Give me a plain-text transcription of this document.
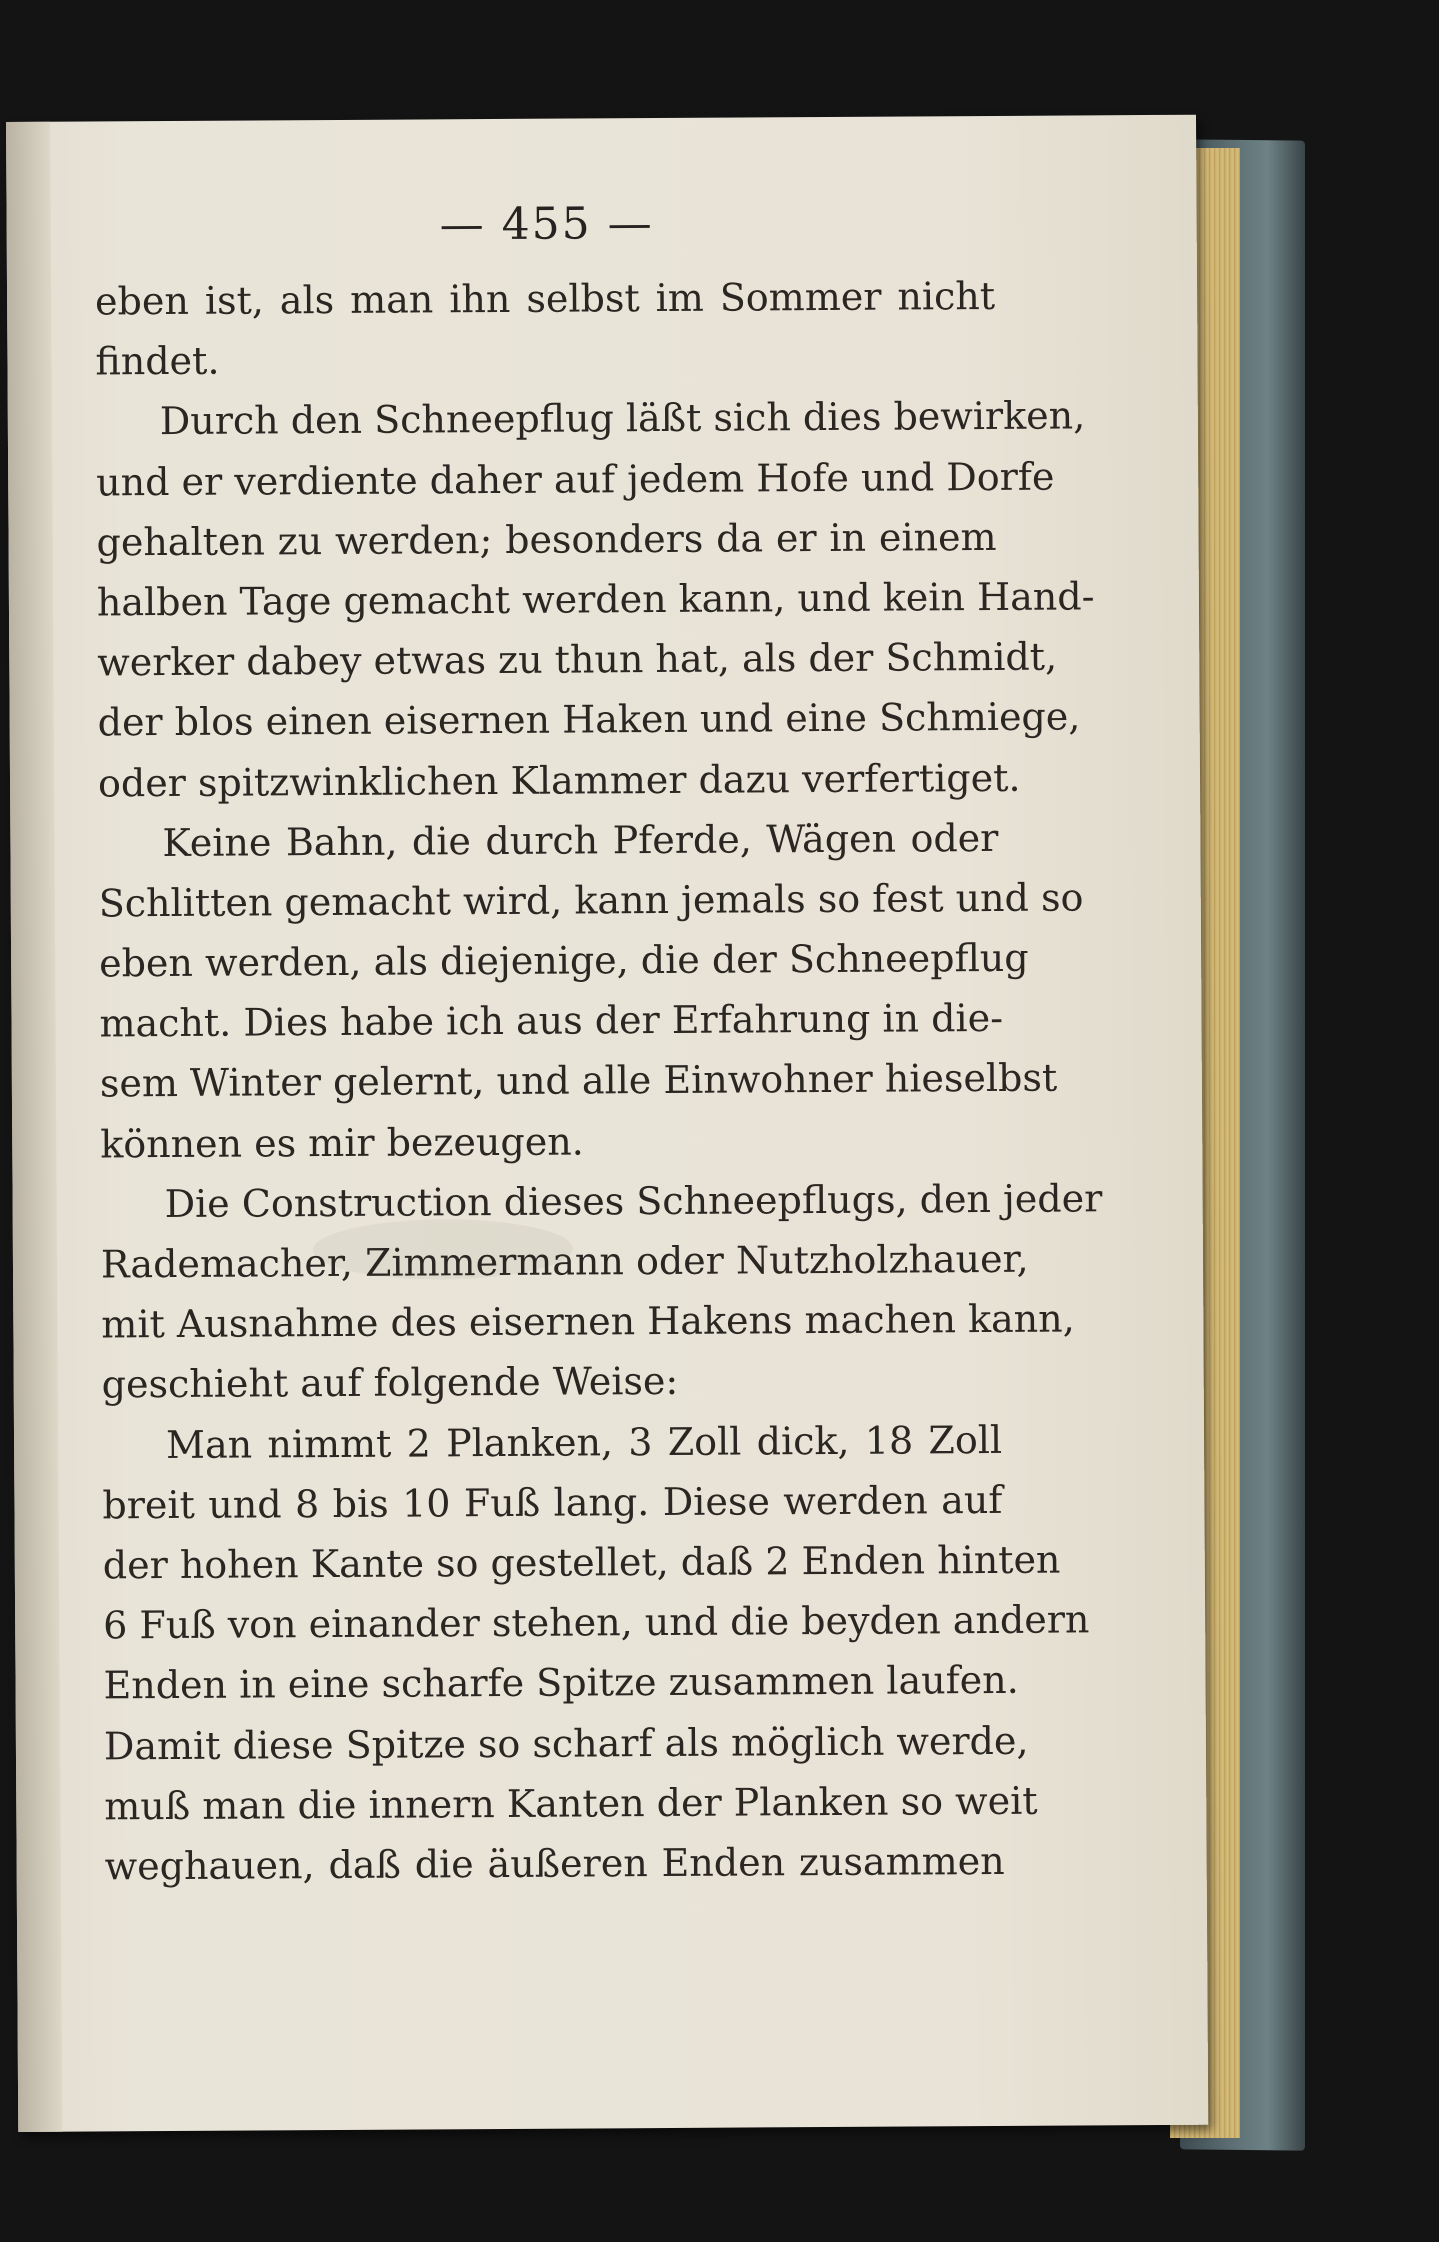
— 455 —
eben ist, als man ihn selbst im Sommer nicht
findet.
Durch den Schneepflug läßt sich dies bewirken,
und er verdiente daher auf jedem Hofe und Dorfe
gehalten zu werden; besonders da er in einem
halben Tage gemacht werden kann, und kein Hand-
werker dabey etwas zu thun hat, als der Schmidt,
der blos einen eisernen Haken und eine Schmiege,
oder spitzwinklichen Klammer dazu verfertiget.
Keine Bahn, die durch Pferde, Wägen oder
Schlitten gemacht wird, kann jemals so fest und so
eben werden, als diejenige, die der Schneepflug
macht. Dies habe ich aus der Erfahrung in die-
sem Winter gelernt, und alle Einwohner hieselbst
können es mir bezeugen.
Die Construction dieses Schneepflugs, den jeder
Rademacher, Zimmermann oder Nutzholzhauer,
mit Ausnahme des eisernen Hakens machen kann,
geschieht auf folgende Weise:
Man nimmt 2 Planken, 3 Zoll dick, 18 Zoll
breit und 8 bis 10 Fuß lang. Diese werden auf
der hohen Kante so gestellet, daß 2 Enden hinten
6 Fuß von einander stehen, und die beyden andern
Enden in eine scharfe Spitze zusammen laufen.
Damit diese Spitze so scharf als möglich werde,
muß man die innern Kanten der Planken so weit
weghauen, daß die äußeren Enden zusammen
